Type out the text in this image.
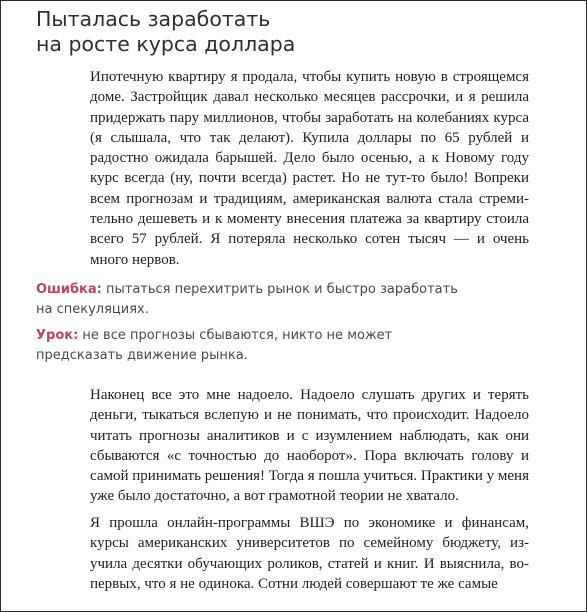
Пыталась заработать
на росте курса доллара

Ипотечную квартиру я продала, чтобы купить новую в строящемся доме. Застройщик давал несколько месяцев рассрочки, и я решила придержать пару миллионов, чтобы заработать на колебаниях курса (я слышала, что так делают). Купила доллары по 65 рублей и радостно ожидала барышей. Дело было осенью, а к Новому году курс всегда (ну, почти всегда) растет. Но не тут-то было! Вопреки всем прогнозам и традициям, американская валюта стала стремительно дешеветь и к моменту внесения платежа за квартиру стоила всего 57 рублей. Я потеряла несколько сотен тысяч — и очень много нервов.

Ошибка: пытаться перехитрить рынок и быстро заработать на спекуляциях.

Урок: не все прогнозы сбываются, никто не может предсказать движение рынка.

Наконец все это мне надоело. Надоело слушать других и терять деньги, тыкаться вслепую и не понимать, что происходит. Надоело читать прогнозы аналитиков и с изумлением наблюдать, как они сбываются «с точностью до наоборот». Пора включать голову и самой принимать решения! Тогда я пошла учиться. Практики у меня уже было достаточно, а вот грамотной теории не хватало.

Я прошла онлайн-программы ВШЭ по экономике и финансам, курсы американских университетов по семейному бюджету, изучила десятки обучающих роликов, статей и книг. И выяснила, во-первых, что я не одинока. Сотни людей совершают те же самые
